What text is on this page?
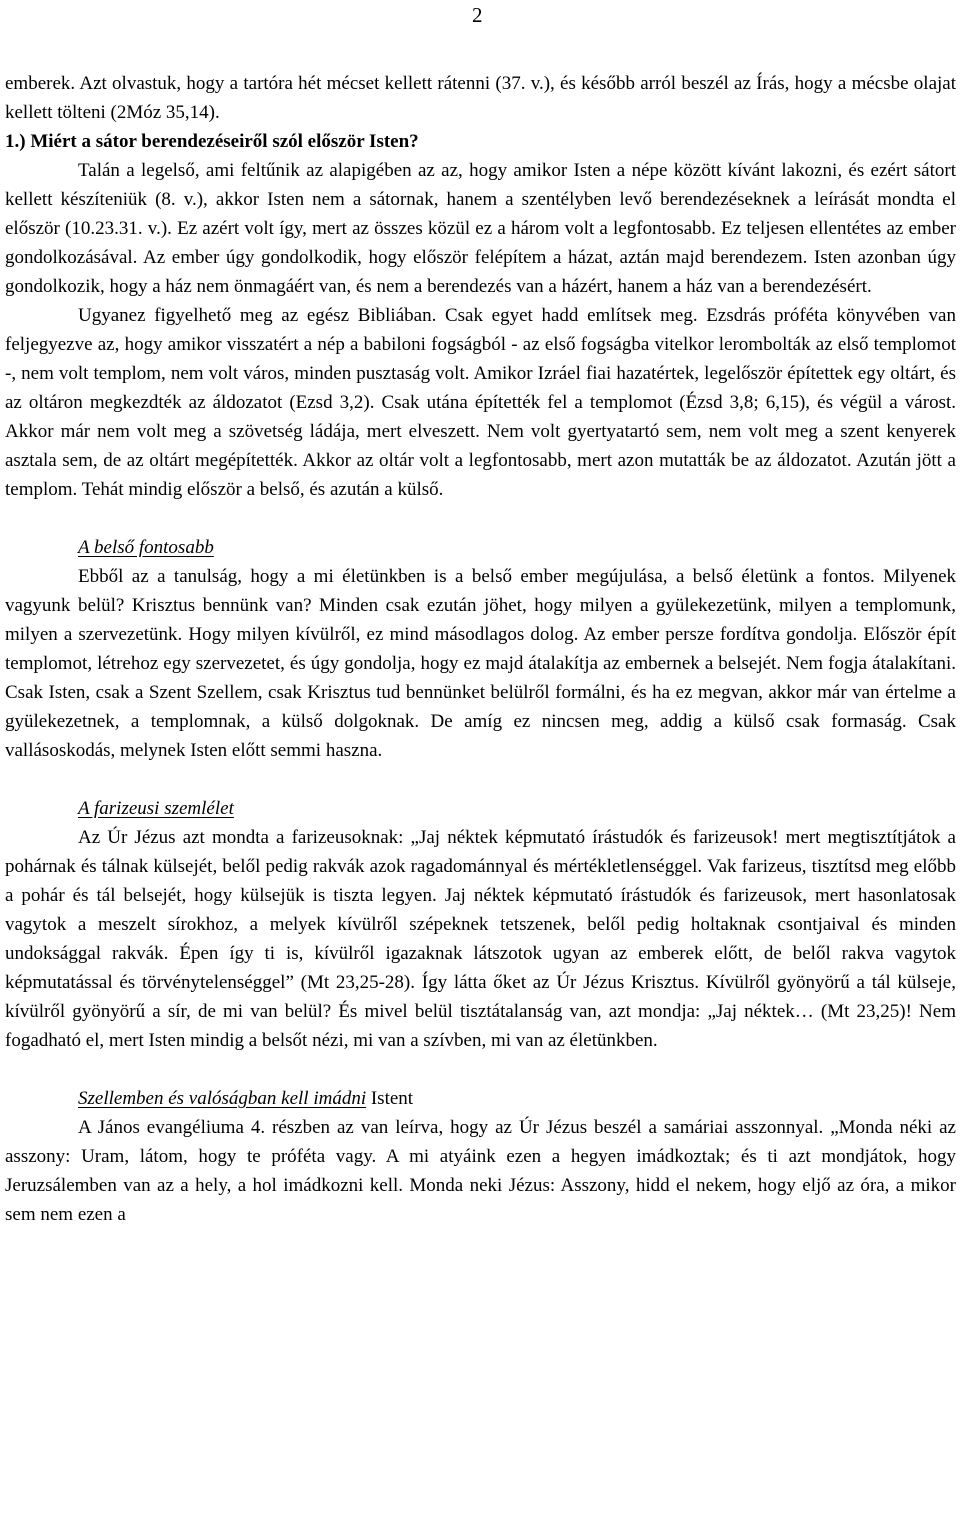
2

emberek. Azt olvastuk, hogy a tartóra hét mécset kellett rátenni (37. v.), és később arról beszél az Írás, hogy a mécsbe olajat kellett tölteni (2Móz 35,14).

1.) Miért a sátor berendezéseiről szól először Isten?

Talán a legelső, ami feltűnik az alapigében az az, hogy amikor Isten a népe között kívánt lakozni, és ezért sátort kellett készíteniük (8. v.), akkor Isten nem a sátornak, hanem a szentélyben levő berendezéseknek a leírását mondta el először (10.23.31. v.). Ez azért volt így, mert az összes közül ez a három volt a legfontosabb. Ez teljesen ellentétes az ember gondolkozásával. Az ember úgy gondolkodik, hogy először felépítem a házat, aztán majd berendezem. Isten azonban úgy gondolkozik, hogy a ház nem önmagáért van, és nem a berendezés van a házért, hanem a ház van a berendezésért.

Ugyanez figyelhető meg az egész Bibliában. Csak egyet hadd említsek meg. Ezsdrás próféta könyvében van feljegyezve az, hogy amikor visszatért a nép a babiloni fogságból - az első fogságba vitelkor lerombolták az első templomot -, nem volt templom, nem volt város, minden pusztaság volt. Amikor Izráel fiai hazatértek, legelőször építettek egy oltárt, és az oltáron megkezdték az áldozatot (Ezsd 3,2). Csak utána építették fel a templomot (Ézsd 3,8; 6,15), és végül a várost. Akkor már nem volt meg a szövetség ládája, mert elveszett. Nem volt gyertyatartó sem, nem volt meg a szent kenyerek asztala sem, de az oltárt megépítették. Akkor az oltár volt a legfontosabb, mert azon mutatták be az áldozatot. Azután jött a templom. Tehát mindig először a belső, és azután a külső.

A belső fontosabb

Ebből az a tanulság, hogy a mi életünkben is a belső ember megújulása, a belső életünk a fontos. Milyenek vagyunk belül? Krisztus bennünk van? Minden csak ezután jöhet, hogy milyen a gyülekezetünk, milyen a templomunk, milyen a szervezetünk. Hogy milyen kívülről, ez mind másodlagos dolog. Az ember persze fordítva gondolja. Először épít templomot, létrehoz egy szervezetet, és úgy gondolja, hogy ez majd átalakítja az embernek a belsejét. Nem fogja átalakítani. Csak Isten, csak a Szent Szellem, csak Krisztus tud bennünket belülről formálni, és ha ez megvan, akkor már van értelme a gyülekezetnek, a templomnak, a külső dolgoknak. De amíg ez nincsen meg, addig a külső csak formaság. Csak vallásoskodás, melynek Isten előtt semmi haszna.

A farizeusi szemlélet

Az Úr Jézus azt mondta a farizeusoknak: „Jaj néktek képmutató írástudók és farizeusok! mert megtisztítjátok a pohárnak és tálnak külsejét, belől pedig rakvák azok ragadománnyal és mértékletlenséggel. Vak farizeus, tisztítsd meg előbb a pohár és tál belsejét, hogy külsejük is tiszta legyen. Jaj néktek képmutató írástudók és farizeusok, mert hasonlatosak vagytok a meszelt sírokhoz, a melyek kívülről szépeknek tetszenek, belől pedig holtaknak csontjaival és minden undoksággal rakvák. Épen így ti is, kívülről igazaknak látszotok ugyan az emberek előtt, de belől rakva vagytok képmutatással és törvénytelenséggel” (Mt 23,25-28). Így látta őket az Úr Jézus Krisztus. Kívülről gyönyörű a tál külseje, kívülről gyönyörű a sír, de mi van belül? És mivel belül tisztátalanság van, azt mondja: „Jaj néktek… (Mt 23,25)! Nem fogadható el, mert Isten mindig a belsőt nézi, mi van a szívben, mi van az életünkben.

Szellemben és valóságban kell imádni Istent

A János evangéliuma 4. részben az van leírva, hogy az Úr Jézus beszél a samáriai asszonnyal. „Monda néki az asszony: Uram, látom, hogy te próféta vagy. A mi atyáink ezen a hegyen imádkoztak; és ti azt mondjátok, hogy Jeruzsálemben van az a hely, a hol imádkozni kell. Monda neki Jézus: Asszony, hidd el nekem, hogy eljő az óra, a mikor sem nem ezen a
